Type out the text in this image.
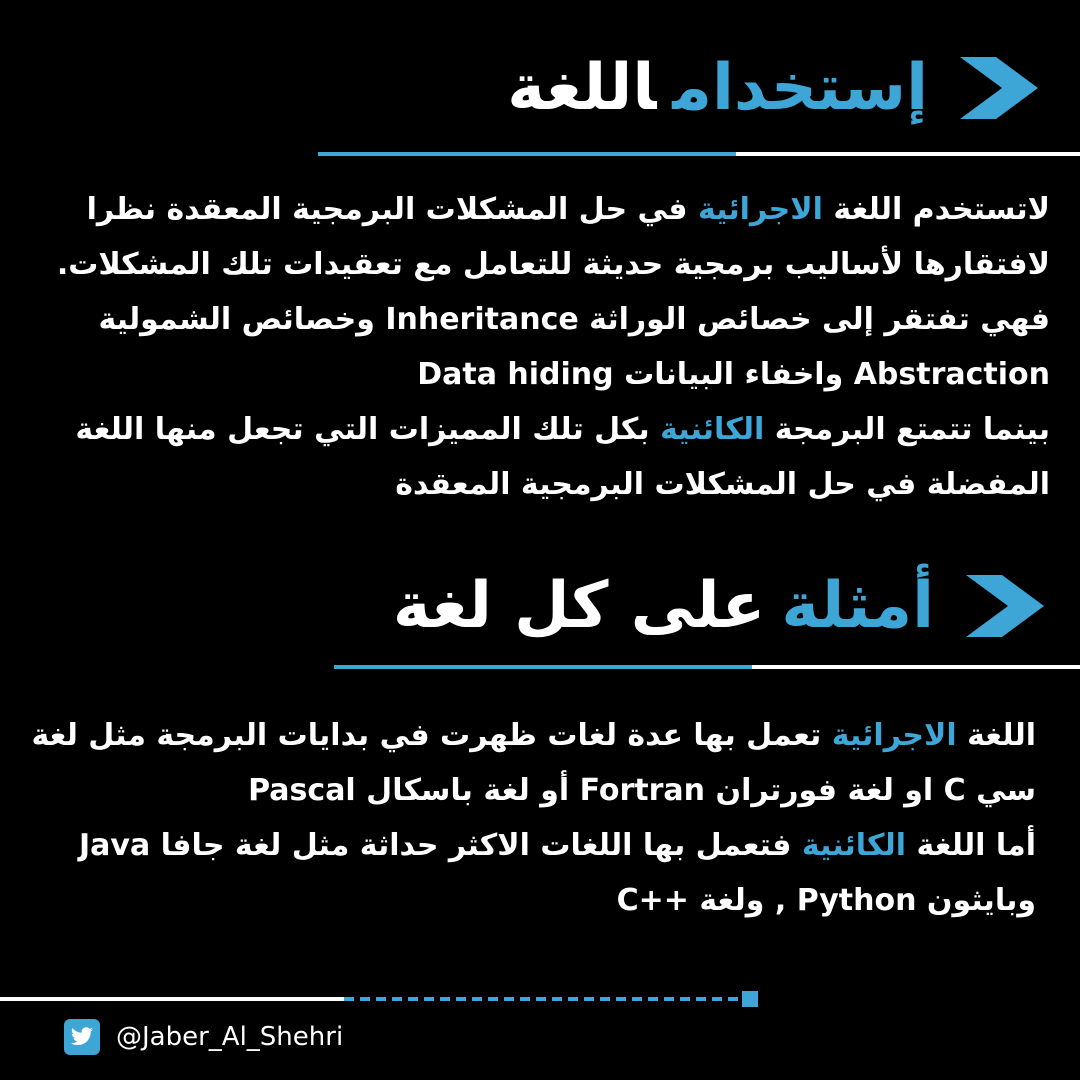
إستخداماللغة
لاتستخدم اللغة الاجرائية في حل المشكلات البرمجية المعقدة نظرا
لافتقارها لأساليب برمجية حديثة للتعامل مع تعقيدات تلك المشكلات.
فهي تفتقر إلى خصائص الوراثة Inheritance وخصائص الشمولية
Abstraction واخفاء البيانات Data hiding
بينما تتمتع البرمجة الكائنية بكل تلك المميزات التي تجعل منها اللغة
المفضلة في حل المشكلات البرمجية المعقدة
أمثلةعلى كل لغة
اللغة الاجرائية تعمل بها عدة لغات ظهرت في بدايات البرمجة مثل لغة
سي C او لغة فورتران Fortran أو لغة باسكال Pascal
أما اللغة الكائنية فتعمل بها اللغات الاكثر حداثة مثل لغة جافا Java
وبايثون Python , ولغة ++C
@Jaber_Al_Shehri
